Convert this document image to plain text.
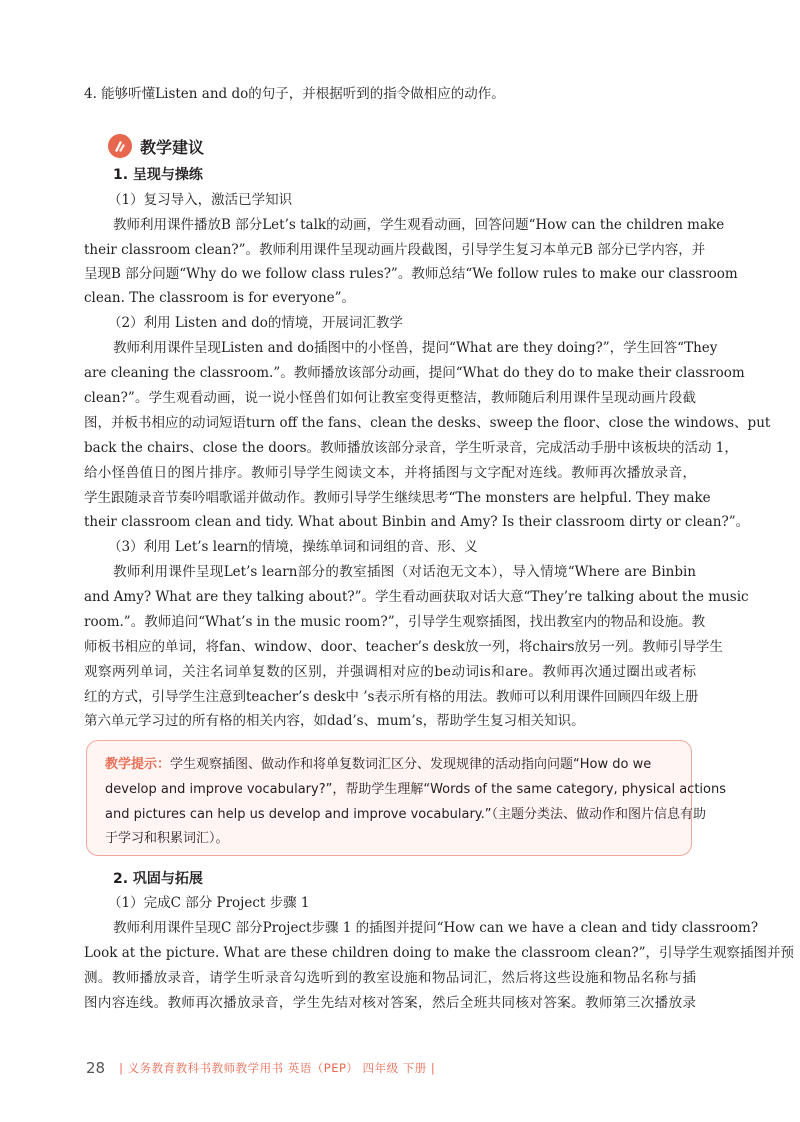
4. 能够听懂Listen and do的句子，并根据听到的指令做相应的动作。
教学建议
1. 呈现与操练
（1）复习导入，激活已学知识
教师利用课件播放B 部分Let’s talk的动画，学生观看动画，回答问题“How can the children make
their classroom clean?”。教师利用课件呈现动画片段截图，引导学生复习本单元B 部分已学内容，并
呈现B 部分问题“Why do we follow class rules?”。教师总结“We follow rules to make our classroom
clean. The classroom is for everyone”。
（2）利用 Listen and do的情境，开展词汇教学
教师利用课件呈现Listen and do插图中的小怪兽，提问“What are they doing?”，学生回答“They
are cleaning the classroom.”。教师播放该部分动画，提问“What do they do to make their classroom
clean?”。学生观看动画，说一说小怪兽们如何让教室变得更整洁，教师随后利用课件呈现动画片段截
图，并板书相应的动词短语turn off the fans、clean the desks、sweep the floor、close the windows、put
back the chairs、close the doors。教师播放该部分录音，学生听录音，完成活动手册中该板块的活动 1，
给小怪兽值日的图片排序。教师引导学生阅读文本，并将插图与文字配对连线。教师再次播放录音，
学生跟随录音节奏吟唱歌谣并做动作。教师引导学生继续思考“The monsters are helpful. They make
their classroom clean and tidy. What about Binbin and Amy? Is their classroom dirty or clean?”。
（3）利用 Let’s learn的情境，操练单词和词组的音、形、义
教师利用课件呈现Let’s learn部分的教室插图（对话泡无文本），导入情境“Where are Binbin
and Amy? What are they talking about?”。学生看动画获取对话大意“They’re talking about the music
room.”。教师追问“What’s in the music room?”，引导学生观察插图，找出教室内的物品和设施。教
师板书相应的单词，将fan、window、door、teacher’s desk放一列，将chairs放另一列。教师引导学生
观察两列单词，关注名词单复数的区别，并强调相对应的be动词is和are。教师再次通过圈出或者标
红的方式，引导学生注意到teacher’s desk中 ’s表示所有格的用法。教师可以利用课件回顾四年级上册
第六单元学习过的所有格的相关内容，如dad’s、mum’s，帮助学生复习相关知识。
教学提示：学生观察插图、做动作和将单复数词汇区分、发现规律的活动指向问题“How do we
develop and improve vocabulary?”，帮助学生理解“Words of the same category, physical actions
and pictures can help us develop and improve vocabulary.”（主题分类法、做动作和图片信息有助
于学习和积累词汇）。
2. 巩固与拓展
（1）完成C 部分 Project 步骤 1
教师利用课件呈现C 部分Project步骤 1 的插图并提问“How can we have a clean and tidy classroom?
Look at the picture. What are these children doing to make the classroom clean?”，引导学生观察插图并预
测。教师播放录音，请学生听录音勾选听到的教室设施和物品词汇，然后将这些设施和物品名称与插
图内容连线。教师再次播放录音，学生先结对核对答案，然后全班共同核对答案。教师第三次播放录
28 | 义务教育教科书教师教学用书 英语（PEP） 四年级 下册 |
